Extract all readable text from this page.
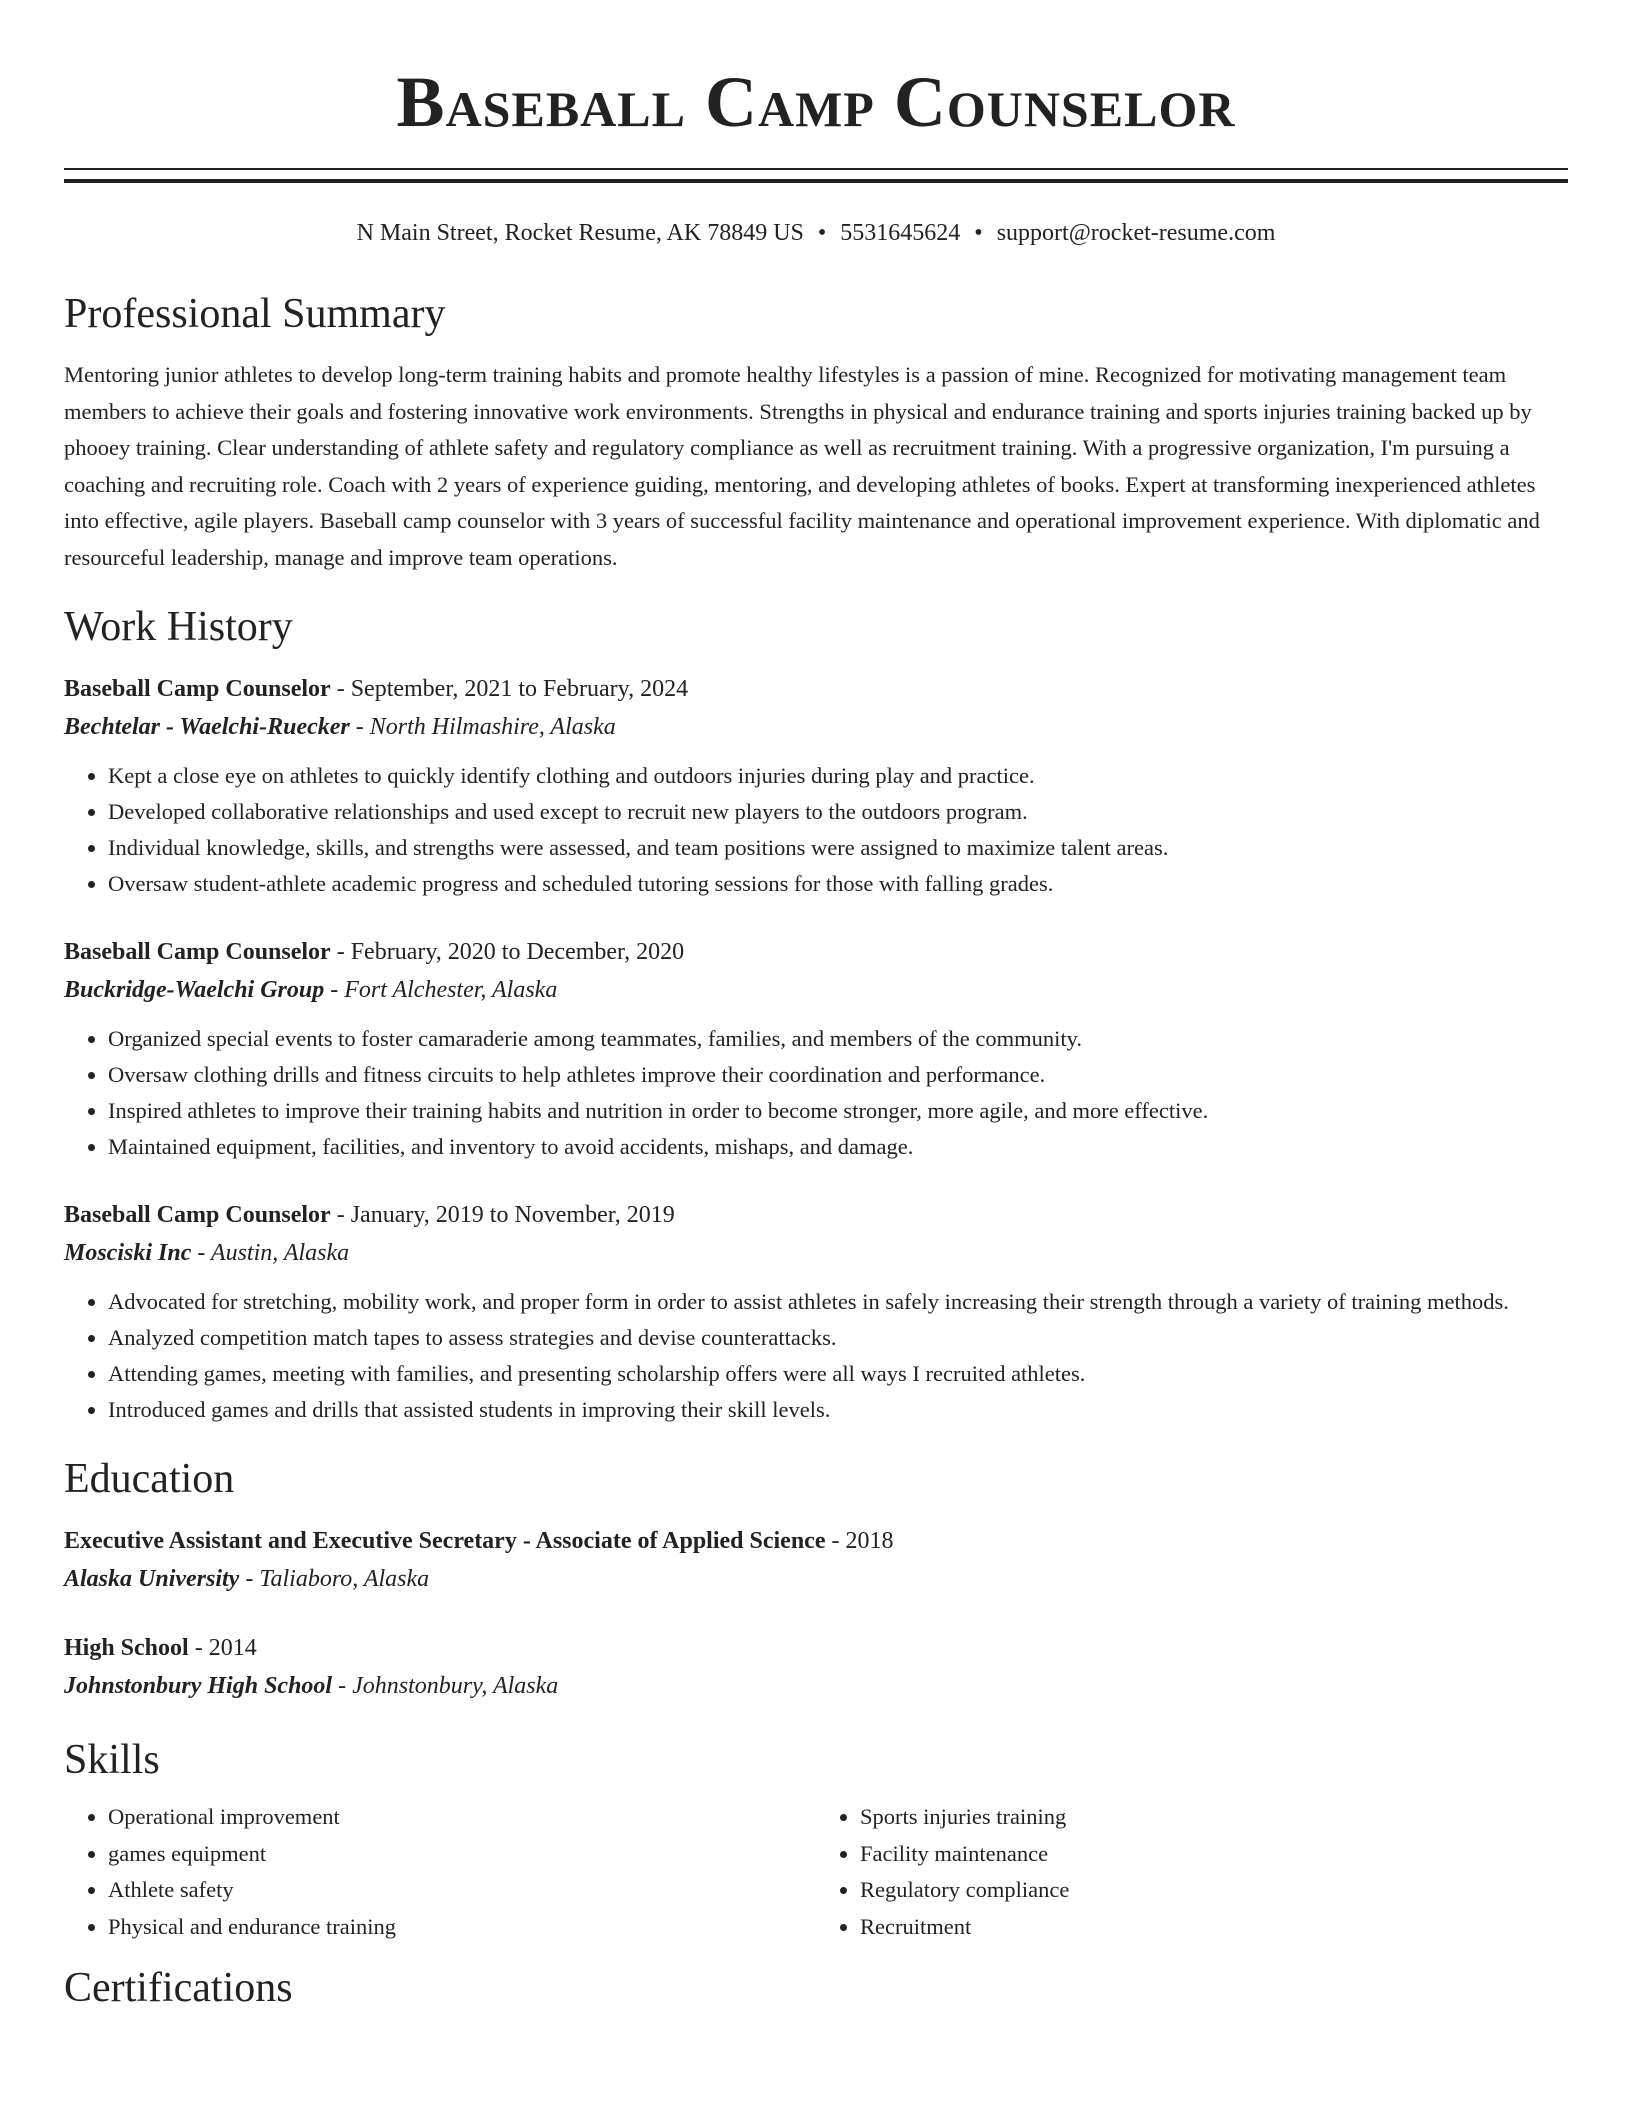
Baseball Camp Counselor
N Main Street, Rocket Resume, AK 78849 US • 5531645624 • support@rocket-resume.com
Professional Summary

Mentoring junior athletes to develop long-term training habits and promote healthy lifestyles is a passion of mine. Recognized for motivating management team members to achieve their goals and fostering innovative work environments. Strengths in physical and endurance training and sports injuries training backed up by phooey training. Clear understanding of athlete safety and regulatory compliance as well as recruitment training. With a progressive organization, I'm pursuing a coaching and recruiting role. Coach with 2 years of experience guiding, mentoring, and developing athletes of books. Expert at transforming inexperienced athletes into effective, agile players. Baseball camp counselor with 3 years of successful facility maintenance and operational improvement experience. With diplomatic and resourceful leadership, manage and improve team operations.

Work History
Baseball Camp Counselor - September, 2021 to February, 2024
Bechtelar - Waelchi-Ruecker - North Hilmashire, Alaska
• Kept a close eye on athletes to quickly identify clothing and outdoors injuries during play and practice.
• Developed collaborative relationships and used except to recruit new players to the outdoors program.
• Individual knowledge, skills, and strengths were assessed, and team positions were assigned to maximize talent areas.
• Oversaw student-athlete academic progress and scheduled tutoring sessions for those with falling grades.
Baseball Camp Counselor - February, 2020 to December, 2020
Buckridge-Waelchi Group - Fort Alchester, Alaska
• Organized special events to foster camaraderie among teammates, families, and members of the community.
• Oversaw clothing drills and fitness circuits to help athletes improve their coordination and performance.
• Inspired athletes to improve their training habits and nutrition in order to become stronger, more agile, and more effective.
• Maintained equipment, facilities, and inventory to avoid accidents, mishaps, and damage.
Baseball Camp Counselor - January, 2019 to November, 2019
Mosciski Inc - Austin, Alaska
• Advocated for stretching, mobility work, and proper form in order to assist athletes in safely increasing their strength through a variety of training methods.
• Analyzed competition match tapes to assess strategies and devise counterattacks.
• Attending games, meeting with families, and presenting scholarship offers were all ways I recruited athletes.
• Introduced games and drills that assisted students in improving their skill levels.
Education
Executive Assistant and Executive Secretary - Associate of Applied Science - 2018
Alaska University - Taliaboro, Alaska
High School - 2014
Johnstonbury High School - Johnstonbury, Alaska
Skills
• Operational improvement
• games equipment
• Athlete safety
• Physical and endurance training
• Sports injuries training
• Facility maintenance
• Regulatory compliance
• Recruitment
Certifications
